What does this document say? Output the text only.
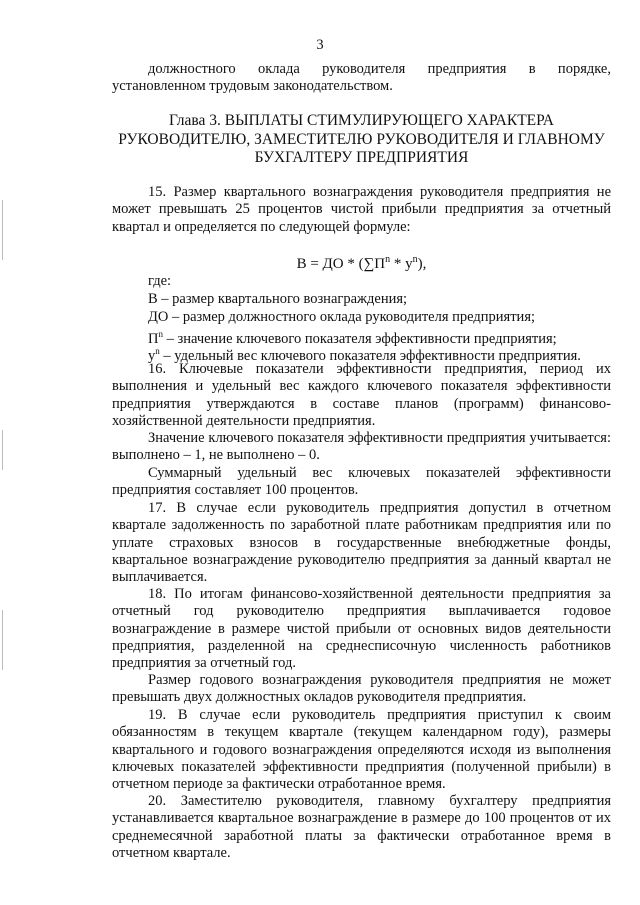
3
должностного оклада руководителя предприятия в порядке, установленном трудовым законодательством.
Глава 3. ВЫПЛАТЫ СТИМУЛИРУЮЩЕГО ХАРАКТЕРА
РУКОВОДИТЕЛЮ, ЗАМЕСТИТЕЛЮ РУКОВОДИТЕЛЯ И ГЛАВНОМУ
БУХГАЛТЕРУ ПРЕДПРИЯТИЯ
15. Размер квартального вознаграждения руководителя предприятия не может превышать 25 процентов чистой прибыли предприятия за отчетный квартал и определяется по следующей формуле:
В = ДО * $(\sum П^n * у^n)$,
где:
В – размер квартального вознаграждения;
ДО – размер должностного оклада руководителя предприятия;
$П^n$ – значение ключевого показателя эффективности предприятия;
$у^n$ – удельный вес ключевого показателя эффективности предприятия.
16. Ключевые показатели эффективности предприятия, период их выполнения и удельный вес каждого ключевого показателя эффективности предприятия утверждаются в составе планов (программ) финансово-хозяйственной деятельности предприятия.
Значение ключевого показателя эффективности предприятия учитывается: выполнено – 1, не выполнено – 0.
Суммарный удельный вес ключевых показателей эффективности предприятия составляет 100 процентов.
17. В случае если руководитель предприятия допустил в отчетном квартале задолженность по заработной плате работникам предприятия или по уплате страховых взносов в государственные внебюджетные фонды, квартальное вознаграждение руководителю предприятия за данный квартал не выплачивается.
18. По итогам финансово-хозяйственной деятельности предприятия за отчетный год руководителю предприятия выплачивается годовое вознаграждение в размере чистой прибыли от основных видов деятельности предприятия, разделенной на среднесписочную численность работников предприятия за отчетный год.
Размер годового вознаграждения руководителя предприятия не может превышать двух должностных окладов руководителя предприятия.
19. В случае если руководитель предприятия приступил к своим обязанностям в текущем квартале (текущем календарном году), размеры квартального и годового вознаграждения определяются исходя из выполнения ключевых показателей эффективности предприятия (полученной прибыли) в отчетном периоде за фактически отработанное время.
20. Заместителю руководителя, главному бухгалтеру предприятия устанавливается квартальное вознаграждение в размере до 100 процентов от их среднемесячной заработной платы за фактически отработанное время в отчетном квартале.
